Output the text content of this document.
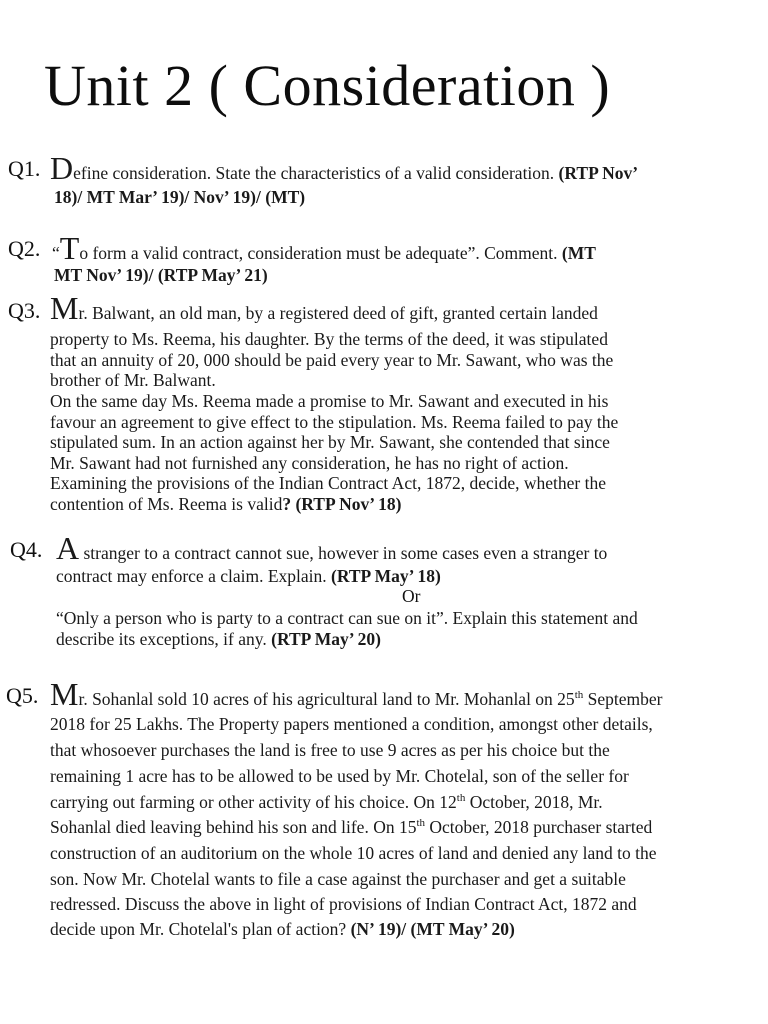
Unit 2 ( Consideration )
Q1. Define consideration. State the characteristics of a valid consideration. (RTP Nov’
18)/ MT Mar’ 19)/ Nov’ 19)/ (MT)
Q2. “To form a valid contract, consideration must be adequate”. Comment. (MT
MT Nov’ 19)/ (RTP May’ 21)
Q3. Mr. Balwant, an old man, by a registered deed of gift, granted certain landed
property to Ms. Reema, his daughter. By the terms of the deed, it was stipulated
that an annuity of 20, 000 should be paid every year to Mr. Sawant, who was the
brother of Mr. Balwant.
On the same day Ms. Reema made a promise to Mr. Sawant and executed in his
favour an agreement to give effect to the stipulation. Ms. Reema failed to pay the
stipulated sum. In an action against her by Mr. Sawant, she contended that since
Mr. Sawant had not furnished any consideration, he has no right of action.
Examining the provisions of the Indian Contract Act, 1872, decide, whether the
contention of Ms. Reema is valid? (RTP Nov’ 18)
Q4. A stranger to a contract cannot sue, however in some cases even a stranger to
contract may enforce a claim. Explain. (RTP May’ 18)
Or
“Only a person who is party to a contract can sue on it”. Explain this statement and
describe its exceptions, if any. (RTP May’ 20)
Q5. Mr. Sohanlal sold 10 acres of his agricultural land to Mr. Mohanlal on 25th September
2018 for 25 Lakhs. The Property papers mentioned a condition, amongst other details,
that whosoever purchases the land is free to use 9 acres as per his choice but the
remaining 1 acre has to be allowed to be used by Mr. Chotelal, son of the seller for
carrying out farming or other activity of his choice. On 12th October, 2018, Mr.
Sohanlal died leaving behind his son and life. On 15th October, 2018 purchaser started
construction of an auditorium on the whole 10 acres of land and denied any land to the
son. Now Mr. Chotelal wants to file a case against the purchaser and get a suitable
redressed. Discuss the above in light of provisions of Indian Contract Act, 1872 and
decide upon Mr. Chotelal's plan of action? (N’ 19)/ (MT May’ 20)
